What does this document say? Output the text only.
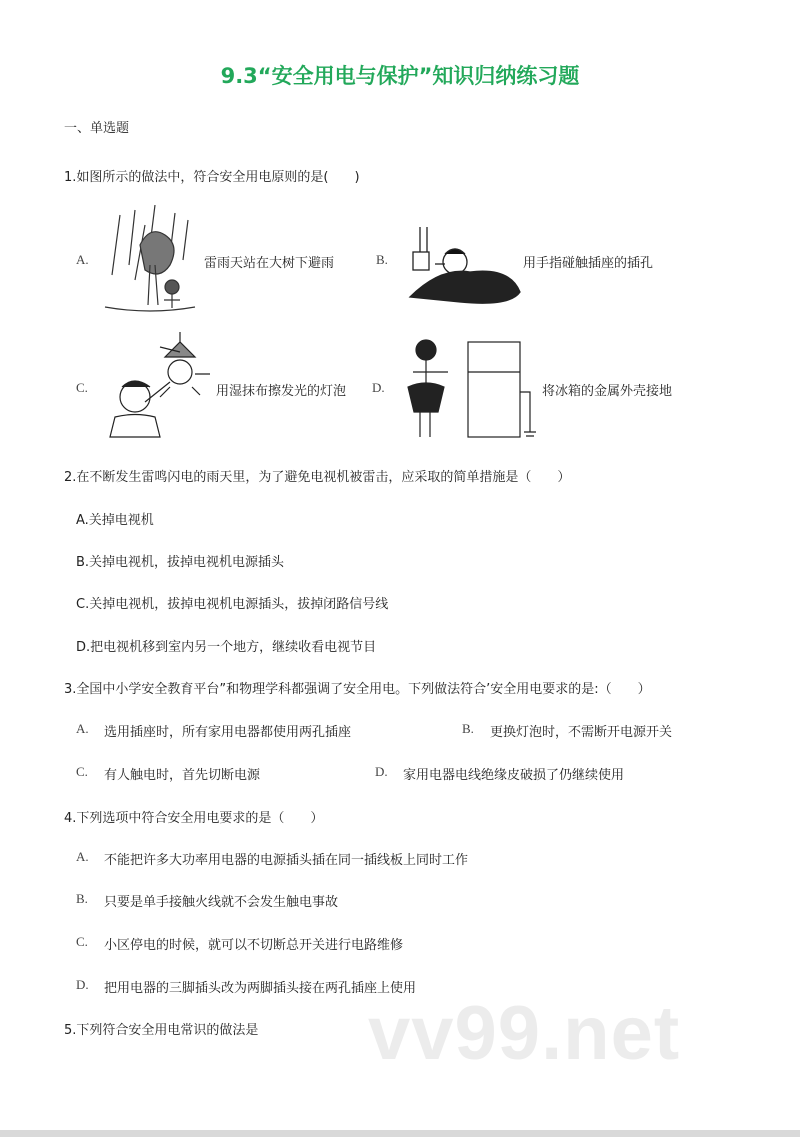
9.3“安全用电与保护”知识归纳练习题
一、单选题
1.如图所示的做法中，符合安全用电原则的是(　　)
A.	雷雨天站在大树下避雨	B.	用手指碰触插座的插孔
C.	用湿抹布擦发光的灯泡 D.	将冰箱的金属外壳接地
2.在不断发生雷鸣闪电的雨天里，为了避免电视机被雷击，应采取的简单措施是（　　）
A.关掉电视机
B.关掉电视机，拔掉电视机电源插头
C.关掉电视机，拔掉电视机电源插头，拔掉闭路信号线
D.把电视机移到室内另一个地方，继续收看电视节目
3.全国中小学安全教育平台”和物理学科都强调了安全用电。下列做法符合’安全用电要求的是:（　　）
A. 选用插座时，所有家用电器都使用两孔插座	B. 更换灯泡时，不需断开电源开关
C. 有人触电时，首先切断电源	D. 家用电器电线绝缘皮破损了仍继续使用
4.下列选项中符合安全用电要求的是（　　）
A. 不能把许多大功率用电器的电源插头插在同一插线板上同时工作
B. 只要是单手接触火线就不会发生触电事故
C. 小区停电的时候，就可以不切断总开关进行电路维修
D. 把用电器的三脚插头改为两脚插头接在两孔插座上使用
vv99.net
5.下列符合安全用电常识的做法是
